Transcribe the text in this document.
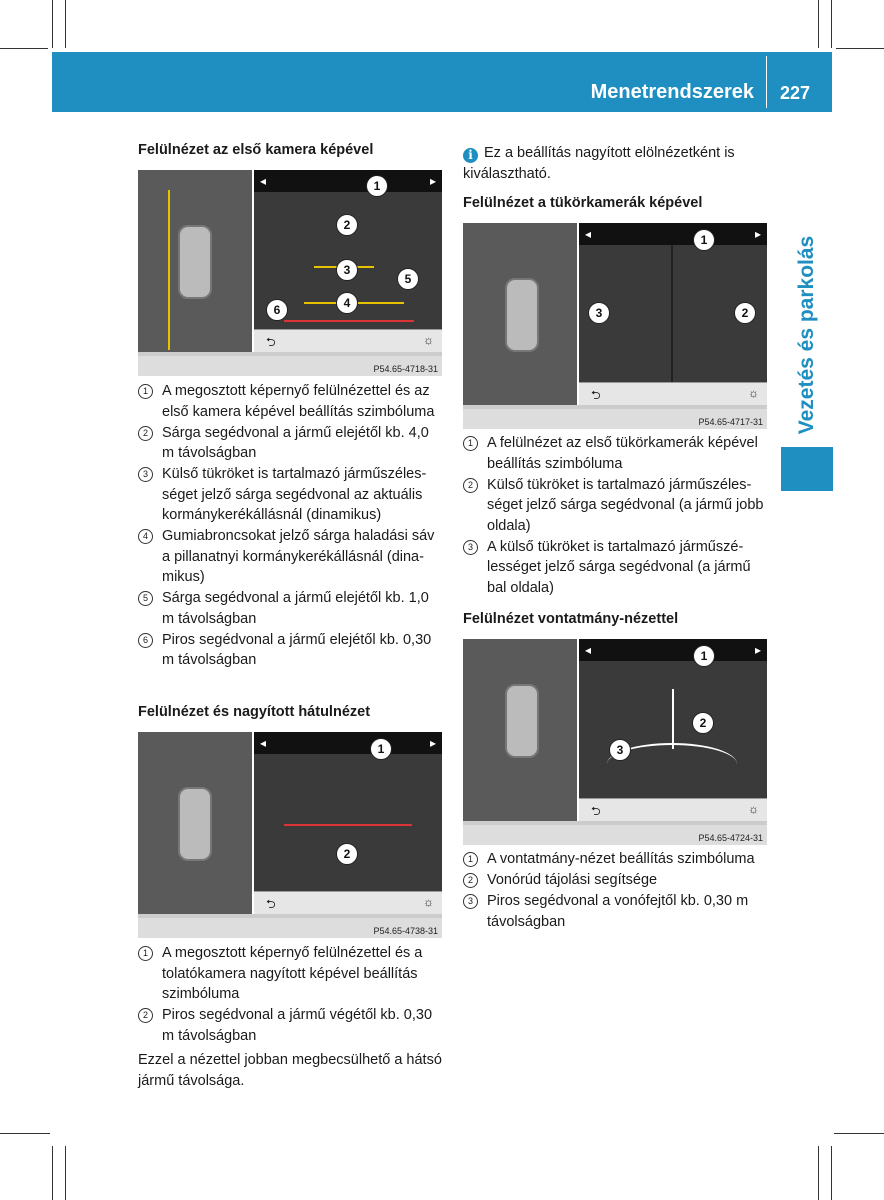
Menetrendszerek 227
Vezetés és parkolás
Felülnézet az első kamera képével
◂	▸
⮌	☼
P54.65-4718-31
1
2
3
5
4
6
1 A megosztott képernyő felülnézettel és az első kamera képével beállítás szimbóluma
2 Sárga segédvonal a jármű elejétől kb. 4,0 m távolságban
3 Külső tükröket is tartalmazó járműszélességet jelző sárga segédvonal az aktuális kormánykerékállásnál (dinamikus)
4 Gumiabroncsokat jelző sárga haladási sáv a pillanatnyi kormánykerékállásnál (dinamikus)
5 Sárga segédvonal a jármű elejétől kb. 1,0 m távolságban
6 Piros segédvonal a jármű elejétől kb. 0,30 m távolságban
Felülnézet és nagyított hátulnézet
◂	▸
⮌	☼
P54.65-4738-31
1
2
1 A megosztott képernyő felülnézettel és a tolatókamera nagyított képével beállítás szimbóluma
2 Piros segédvonal a jármű végétől kb. 0,30 m távolságban

Ezzel a nézettel jobban megbecsülhető a hátsó jármű távolsága.

i Ez a beállítás nagyított elölnézetként is kiválasztható.

Felülnézet a tükörkamerák képével
◂	▸
⮌	☼
P54.65-4717-31
1
2
3
1 A felülnézet az első tükörkamerák képével beállítás szimbóluma
2 Külső tükröket is tartalmazó járműszélességet jelző sárga segédvonal (a jármű jobb oldala)
3 A külső tükröket is tartalmazó járműszélességet jelző sárga segédvonal (a jármű bal oldala)
Felülnézet vontatmány-nézettel
◂	▸
⮌	☼
P54.65-4724-31
1
2
3
1 A vontatmány-nézet beállítás szimbóluma
2 Vonórúd tájolási segítsége
3 Piros segédvonal a vonófejtől kb. 0,30 m távolságban
